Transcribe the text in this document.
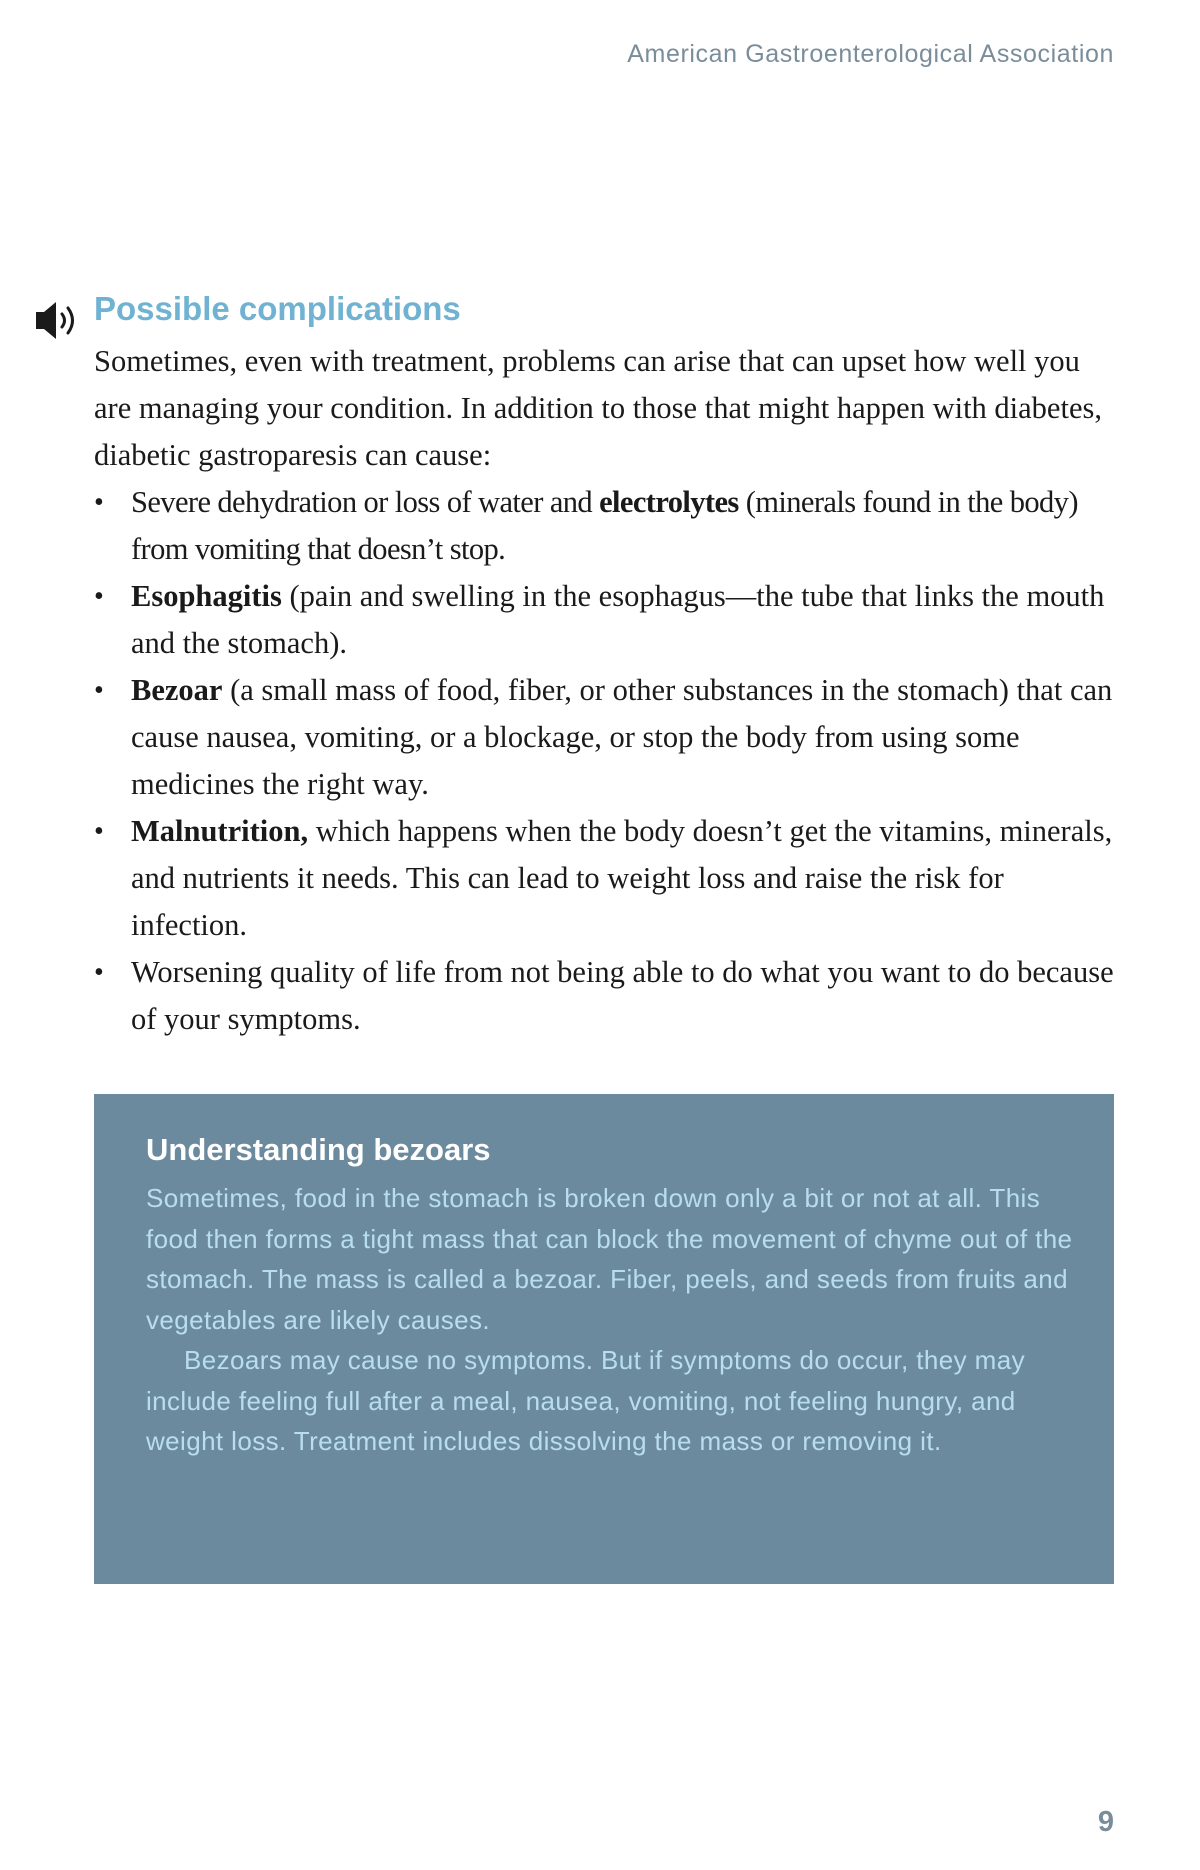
American Gastroenterological Association
Possible complications

Sometimes, even with treatment, problems can arise that can upset how well you are managing your condition. In addition to those that might happen with diabetes, diabetic gastroparesis can cause:

• Severe dehydration or loss of water and electrolytes (minerals found in the body) from vomiting that doesn’t stop.
• Esophagitis (pain and swelling in the esophagus—the tube that links the mouth and the stomach).
• Bezoar (a small mass of food, fiber, or other substances in the stomach) that can cause nausea, vomiting, or a blockage, or stop the body from using some medicines the right way.
• Malnutrition, which happens when the body doesn’t get the vitamins, minerals, and nutrients it needs. This can lead to weight loss and raise the risk for infection.
• Worsening quality of life from not being able to do what you want to do because of your symptoms.
Understanding bezoars

Sometimes, food in the stomach is broken down only a bit or not at all. This food then forms a tight mass that can block the movement of chyme out of the stomach. The mass is called a bezoar. Fiber, peels, and seeds from fruits and vegetables are likely causes.

Bezoars may cause no symptoms. But if symptoms do occur, they may include feeling full after a meal, nausea, vomiting, not feeling hungry, and weight loss. Treatment includes dissolving the mass or removing it.

9
